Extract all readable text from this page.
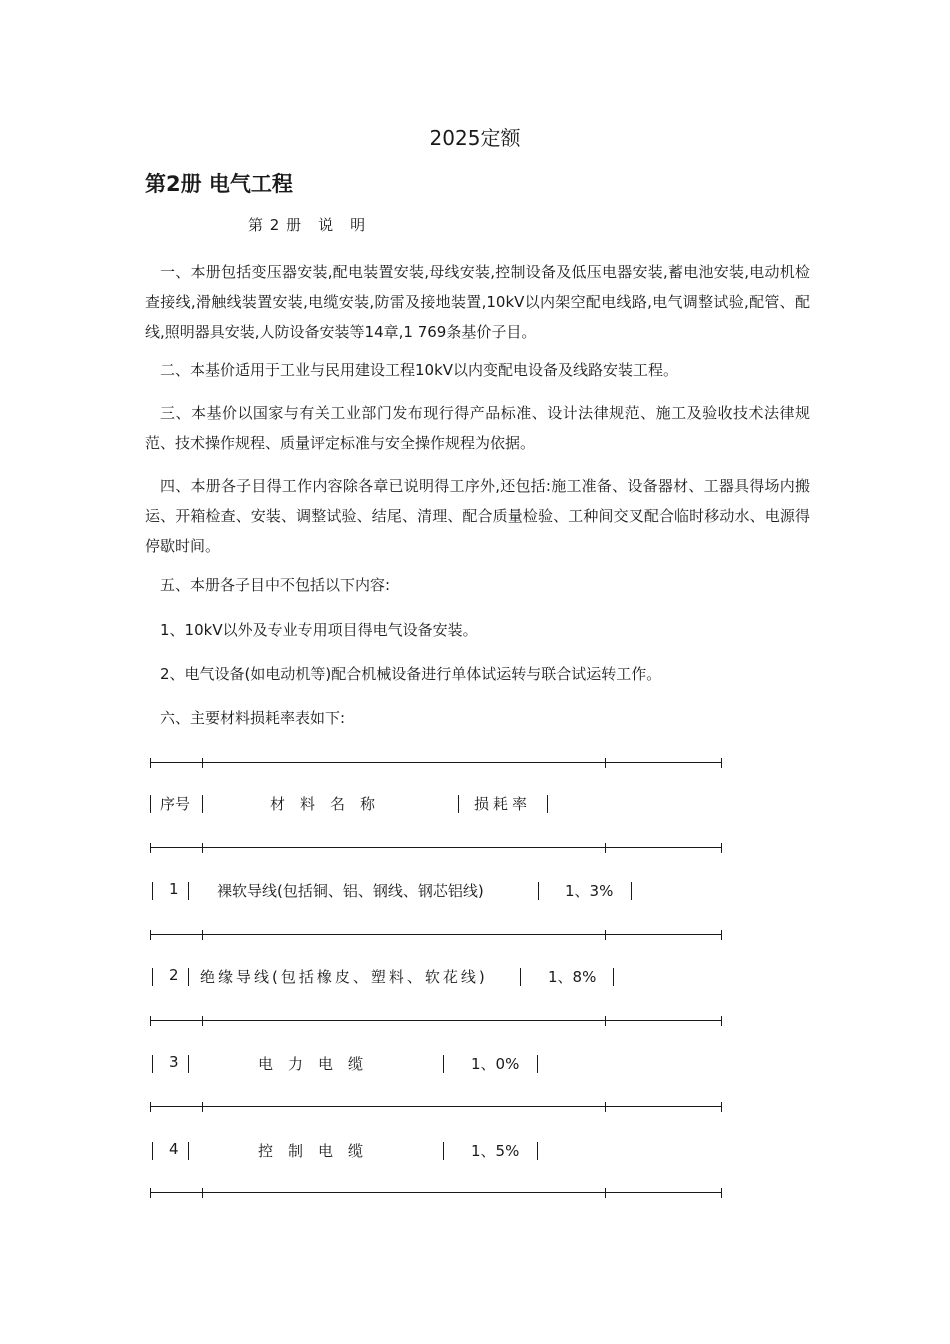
2025定额
第2册 电气工程
第 2 册　说　明
一、本册包括变压器安装,配电装置安装,母线安装,控制设备及低压电器安装,蓄电池安装,电动机检查接线,滑触线装置安装,电缆安装,防雷及接地装置,10kV以内架空配电线路,电气调整试验,配管、配线,照明器具安装,人防设备安装等14章,1 769条基价子目。
二、本基价适用于工业与民用建设工程10kV以内变配电设备及线路安装工程。
三、本基价以国家与有关工业部门发布现行得产品标准、设计法律规范、施工及验收技术法律规范、技术操作规程、质量评定标准与安全操作规程为依据。
四、本册各子目得工作内容除各章已说明得工序外,还包括:施工准备、设备器材、工器具得场内搬运、开箱检查、安装、调整试验、结尾、清理、配合质量检验、工种间交叉配合临时移动水、电源得停歇时间。
五、本册各子目中不包括以下内容:
1、10kV以外及专业专用项目得电气设备安装。
2、电气设备(如电动机等)配合机械设备进行单体试运转与联合试运转工作。
六、主要材料损耗率表如下:
序号	材　料　名　称	损耗率
1	裸软导线(包括铜、铝、钢线、钢芯铝线)	1、3%
2 绝缘导线(包括橡皮、塑料、软花线)	1、8%
3	电　力　电　缆	1、0%
4	控　制　电　缆	1、5%
